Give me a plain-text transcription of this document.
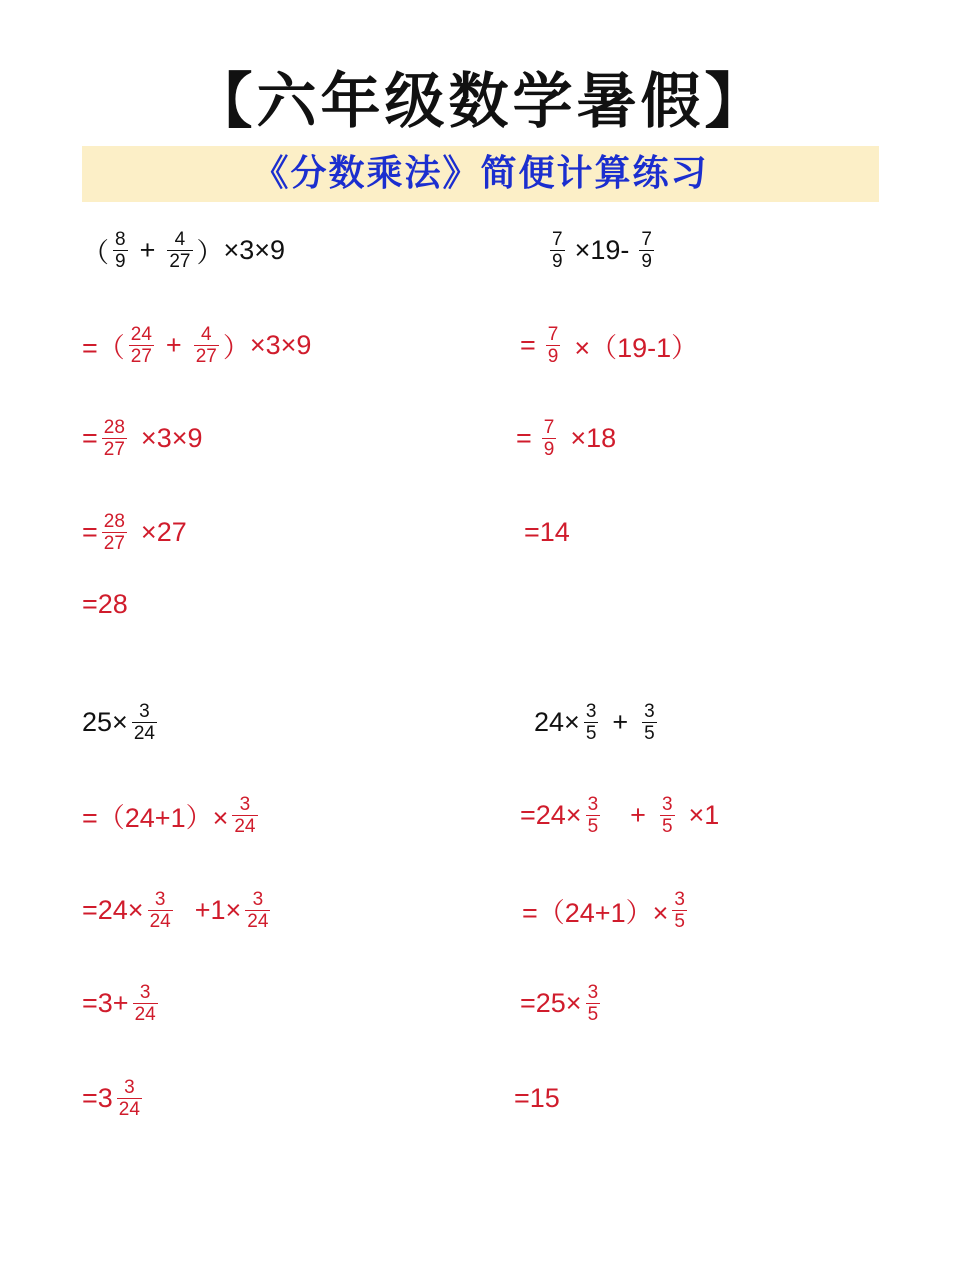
【六年级数学暑假】
《分数乘法》简便计算练习
（ $\frac{8}{9} + \frac{4}{27}$ ） ×3×9
=（ $\frac{24}{27} + \frac{4}{27}$ ） ×3×9
= $\frac{28}{27} \times 3\times 9$
= $\frac{28}{27} \times 27$
=28
$\frac{7}{9} \times 19- \frac{7}{9}$
= $\frac{7}{9} \times(19-1)$
= $\frac{7}{9} \times 18$
=14
$25\times \frac{3}{24}$
$=(24+1)\times \frac{3}{24}$
$=24\times \frac{3}{24} +1\times \frac{3}{24}$
$=3+ \frac{3}{24}$
$=3 \frac{3}{24}$
$24\times \frac{3}{5} + \frac{3}{5}$
$=24\times \frac{3}{5} + \frac{3}{5} \times 1$
$=(24+1)\times \frac{3}{5}$
$=25\times \frac{3}{5}$
=15
